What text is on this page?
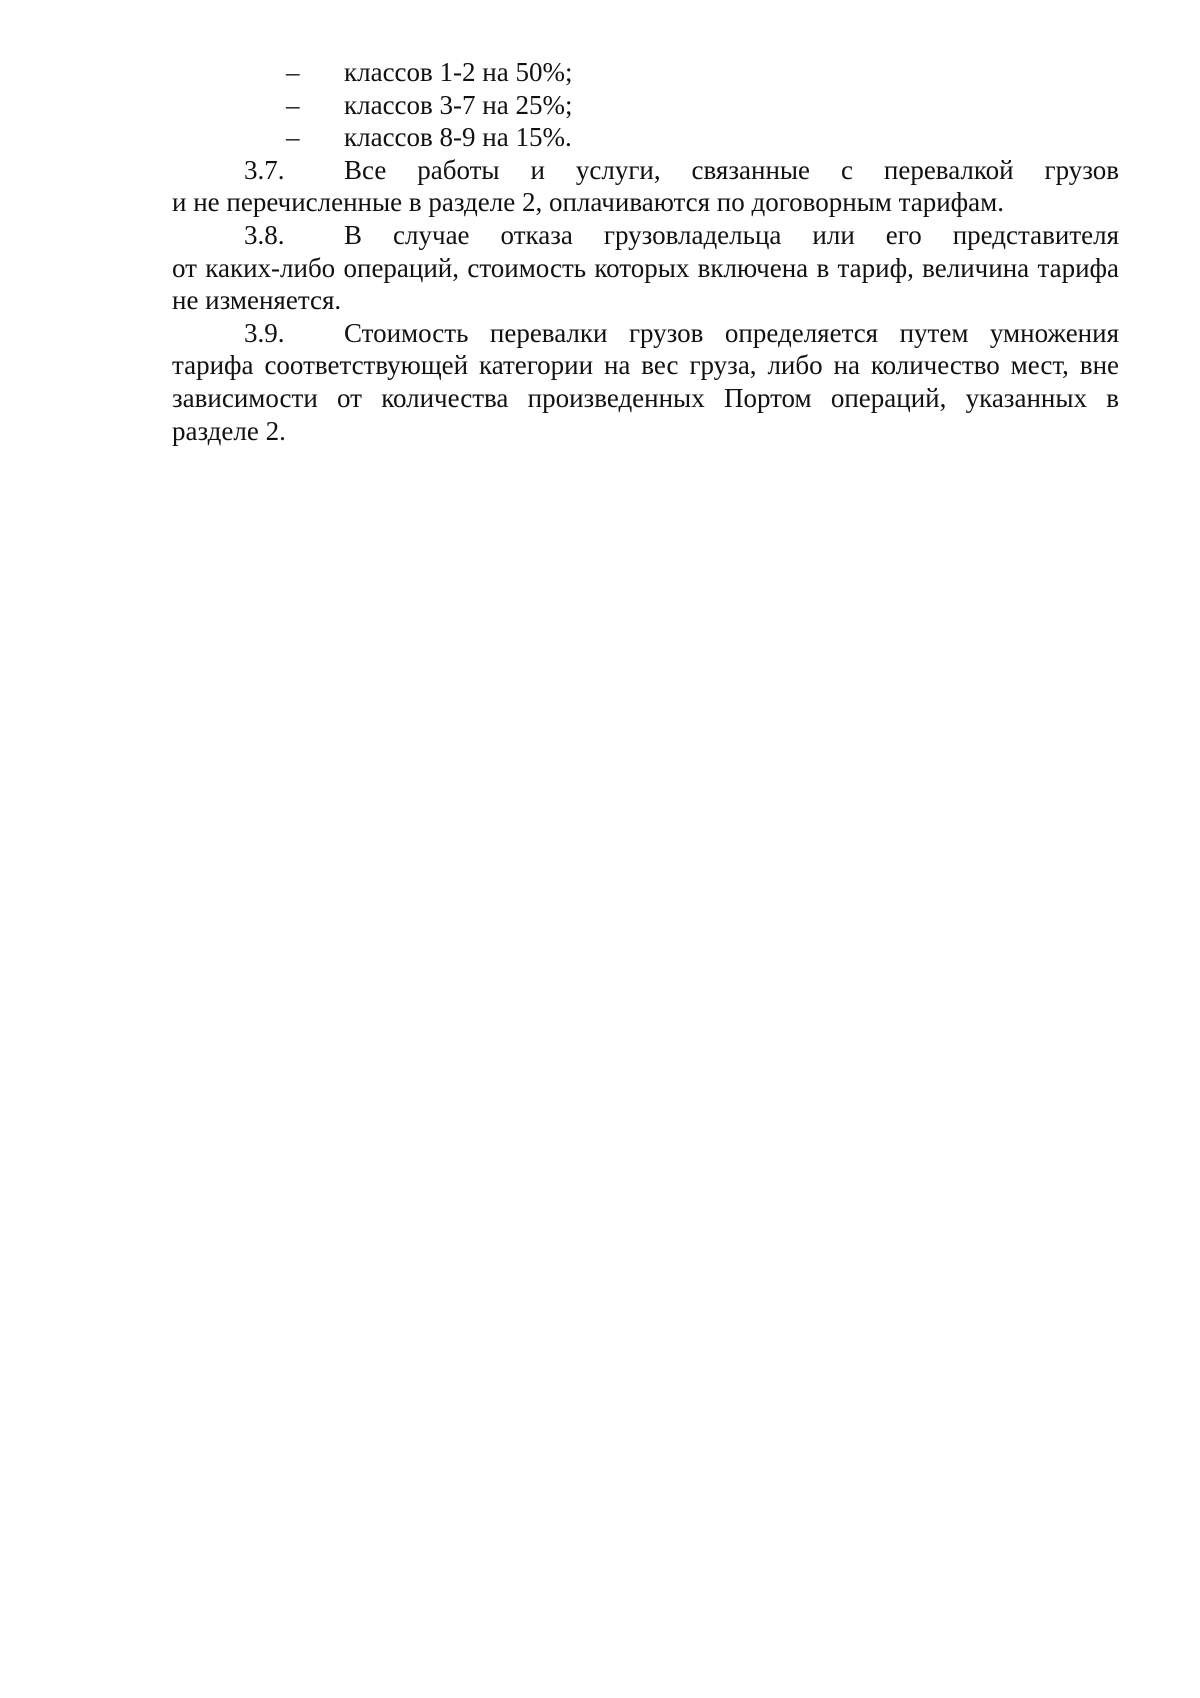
– классов 1-2 на 50%;
– классов 3-7 на 25%;
– классов 8-9 на 15%.
3.7. Все работы и услуги, связанные с перевалкой грузов
и не перечисленные в разделе 2, оплачиваются по договорным тарифам.
3.8. В случае отказа грузовладельца или его представителя
от каких-либо операций, стоимость которых включена в тариф, величина тарифа не изменяется.
3.9. Стоимость перевалки грузов определяется путем умножения
тарифа соответствующей категории на вес груза, либо на количество мест, вне зависимости от количества произведенных Портом операций, указанных в разделе 2.
